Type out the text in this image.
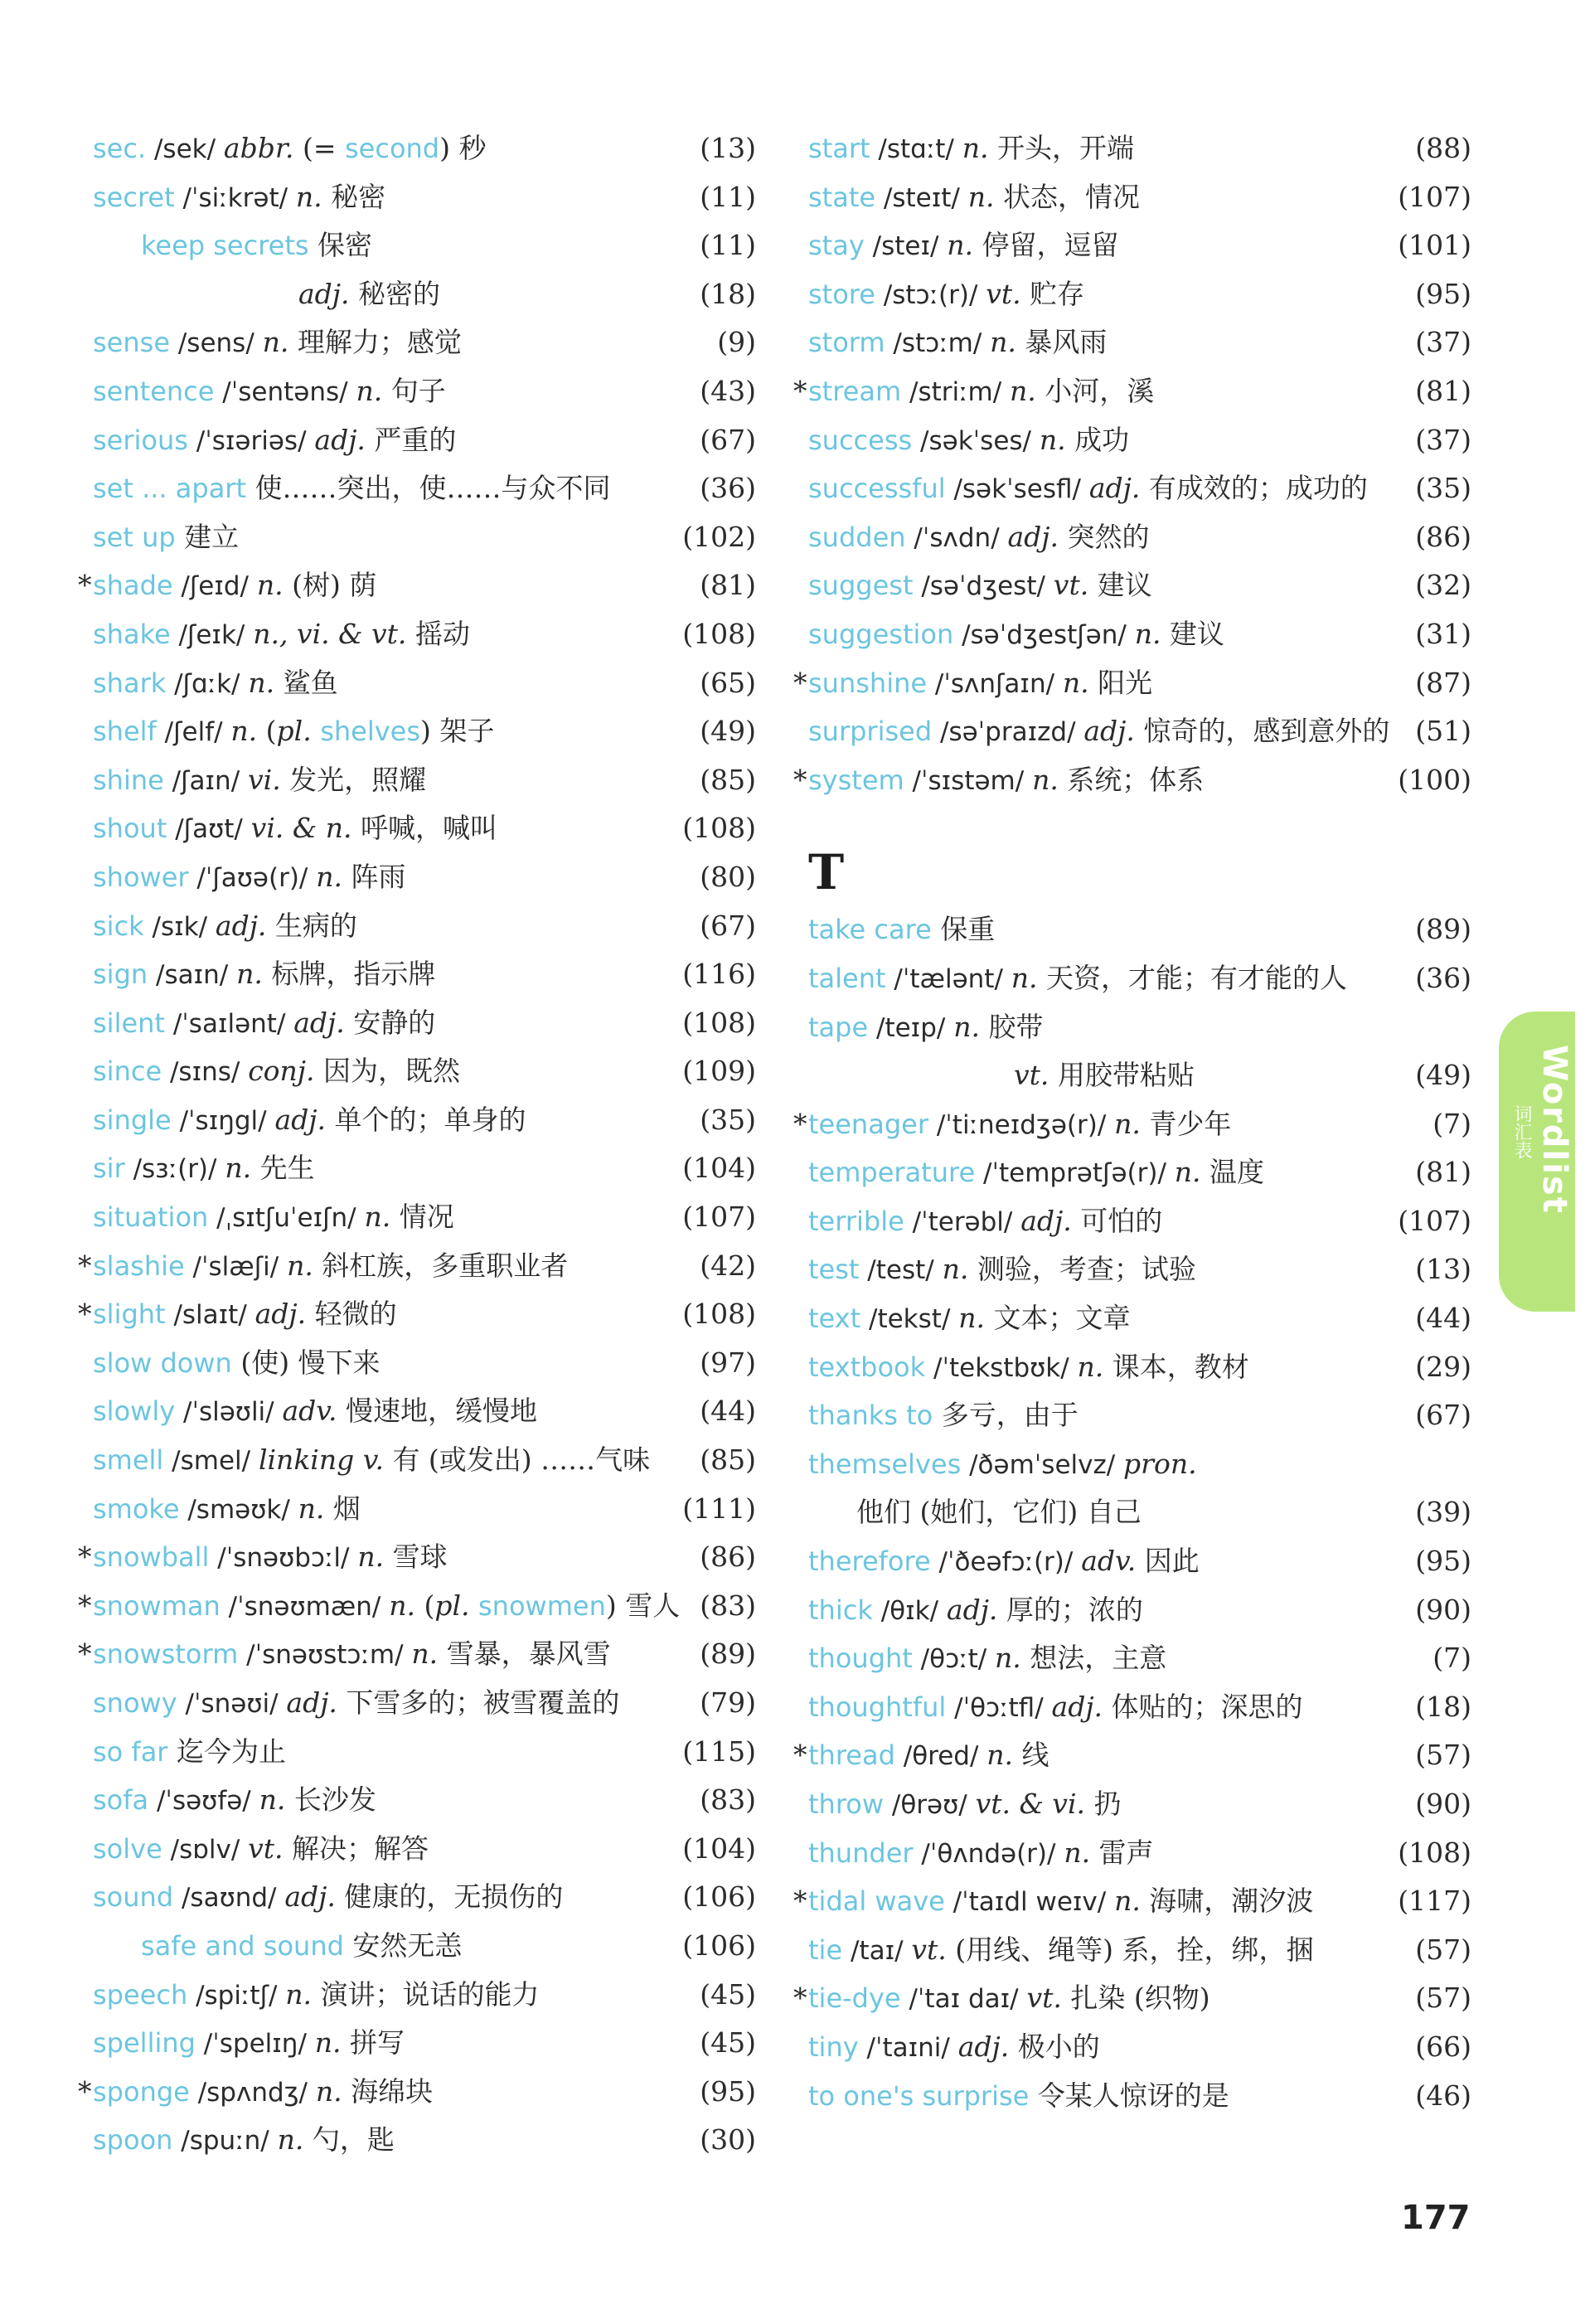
sec. /sek/ abbr. (= second) 秒	(13)
secret /ˈsiːkrət/ n. 秘密	(11)
keep secrets 保密	(11)
adj. 秘密的	(18)
sense /sens/ n. 理解力；感觉	(9)
sentence /ˈsentəns/ n. 句子	(43)
serious /ˈsɪəriəs/ adj. 严重的	(67)
set ... apart 使……突出，使……与众不同	(36)
set up 建立	(102)
* shade /ʃeɪd/ n. (树) 荫	(81)
shake /ʃeɪk/ n., vi. & vt. 摇动	(108)
shark /ʃɑːk/ n. 鲨鱼	(65)
shelf /ʃelf/ n. (pl. shelves) 架子	(49)
shine /ʃaɪn/ vi. 发光，照耀	(85)
shout /ʃaʊt/ vi. & n. 呼喊，喊叫	(108)
shower /ˈʃaʊə(r)/ n. 阵雨	(80)
sick /sɪk/ adj. 生病的	(67)
sign /saɪn/ n. 标牌，指示牌	(116)
silent /ˈsaɪlənt/ adj. 安静的	(108)
since /sɪns/ conj. 因为，既然	(109)
single /ˈsɪŋgl/ adj. 单个的；单身的	(35)
sir /sɜː(r)/ n. 先生	(104)
situation /ˌsɪtʃuˈeɪʃn/ n. 情况	(107)
* slashie /ˈslæʃi/ n. 斜杠族，多重职业者	(42)
* slight /slaɪt/ adj. 轻微的	(108)
slow down (使) 慢下来	(97)
slowly /ˈsləʊli/ adv. 慢速地，缓慢地	(44)
smell /smel/ linking v. 有 (或发出) ……气味 (85)
smoke /sməʊk/ n. 烟	(111)
* snowball /ˈsnəʊbɔːl/ n. 雪球	(86)
* snowman /ˈsnəʊmæn/ n. (pl. snowmen) 雪人 (83)
* snowstorm /ˈsnəʊstɔːm/ n. 雪暴，暴风雪	(89)
snowy /ˈsnəʊi/ adj. 下雪多的；被雪覆盖的	(79)
so far 迄今为止	(115)
sofa /ˈsəʊfə/ n. 长沙发	(83)
solve /sɒlv/ vt. 解决；解答	(104)
sound /saʊnd/ adj. 健康的，无损伤的	(106)
safe and sound 安然无恙	(106)
speech /spiːtʃ/ n. 演讲；说话的能力	(45)
spelling /ˈspelɪŋ/ n. 拼写	(45)
* sponge /spʌndʒ/ n. 海绵块	(95)
spoon /spuːn/ n. 勺，匙	(30)
start /stɑːt/ n. 开头，开端	(88)
state /steɪt/ n. 状态，情况	(107)
stay /steɪ/ n. 停留，逗留	(101)
store /stɔː(r)/ vt. 贮存	(95)
storm /stɔːm/ n. 暴风雨	(37)
* stream /striːm/ n. 小河，溪	(81)
success /səkˈses/ n. 成功	(37)
successful /səkˈsesfl/ adj. 有成效的；成功的 (35)
sudden /ˈsʌdn/ adj. 突然的	(86)
suggest /səˈdʒest/ vt. 建议	(32)
suggestion /səˈdʒestʃən/ n. 建议	(31)
* sunshine /ˈsʌnʃaɪn/ n. 阳光	(87)
surprised /səˈpraɪzd/ adj. 惊奇的，感到意外的 (51)
* system /ˈsɪstəm/ n. 系统；体系	(100)
T
take care 保重	(89)
talent /ˈtælənt/ n. 天资，才能；有才能的人 (36)
tape /teɪp/ n. 胶带
vt. 用胶带粘贴	(49)
* teenager /ˈtiːneɪdʒə(r)/ n. 青少年	(7)
temperature /ˈtemprətʃə(r)/ n. 温度	(81)
terrible /ˈterəbl/ adj. 可怕的	(107)
test /test/ n. 测验，考查；试验	(13)
text /tekst/ n. 文本；文章	(44)
textbook /ˈtekstbʊk/ n. 课本，教材	(29)
thanks to 多亏，由于	(67)
themselves /ðəmˈselvz/ pron.
他们 (她们，它们) 自己	(39)
therefore /ˈðeəfɔː(r)/ adv. 因此	(95)
thick /θɪk/ adj. 厚的；浓的	(90)
thought /θɔːt/ n. 想法，主意	(7)
thoughtful /ˈθɔːtfl/ adj. 体贴的；深思的	(18)
* thread /θred/ n. 线	(57)
throw /θrəʊ/ vt. & vi. 扔	(90)
thunder /ˈθʌndə(r)/ n. 雷声	(108)
* tidal wave /ˈtaɪdl weɪv/ n. 海啸，潮汐波	(117)
tie /taɪ/ vt. (用线、绳等) 系，拴，绑，捆	(57)
* tie-dye /ˈtaɪ daɪ/ vt. 扎染 (织物)	(57)
tiny /ˈtaɪni/ adj. 极小的	(66)
to one's surprise 令某人惊讶的是	(46)
Wordlist
词汇表
177
